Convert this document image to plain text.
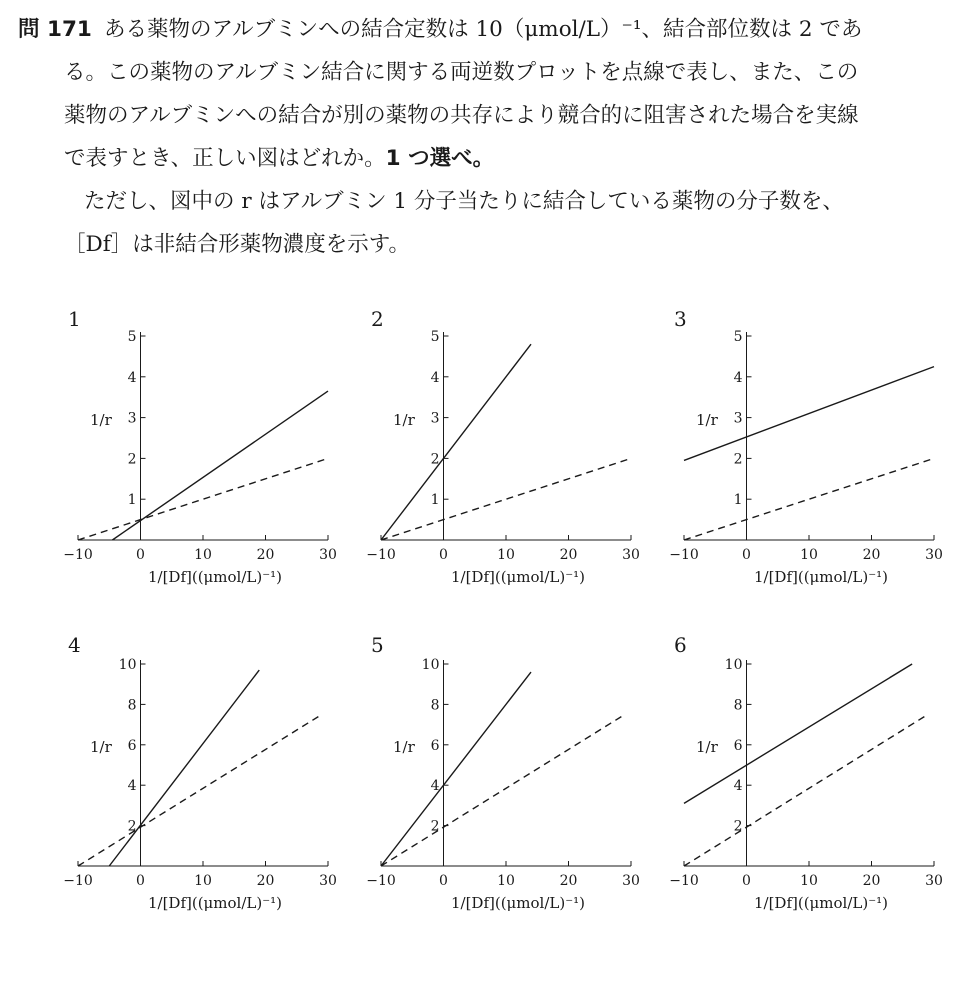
問 171 ある薬物のアルブミンへの結合定数は 10（μmol/L）⁻¹、結合部位数は 2 であ
る。この薬物のアルブミン結合に関する両逆数プロットを点線で表し、また、この
薬物のアルブミンへの結合が別の薬物の共存により競合的に阻害された場合を実線
で表すとき、正しい図はどれか。1 つ選べ。
ただし、図中の r はアルブミン 1 分子当たりに結合している薬物の分子数を、
［Df］は非結合形薬物濃度を示す。
1
−10	0	10	20	30
1
2
3
4
5
1/r
1/[Df]((μmol/L)⁻¹)
2
−10	0	10	20	30
1
2
3
4
5
1/r
1/[Df]((μmol/L)⁻¹)
3
−10	0	10	20	30
1
2
3
4
5
1/r
1/[Df]((μmol/L)⁻¹)
4
−10	0	10	20	30
2
4
6
8
10
1/r
1/[Df]((μmol/L)⁻¹)
5
−10	0	10	20	30
2
4
6
8
10
1/r
1/[Df]((μmol/L)⁻¹)
6
−10	0	10	20	30
2
4
6
8
10
1/r
1/[Df]((μmol/L)⁻¹)
